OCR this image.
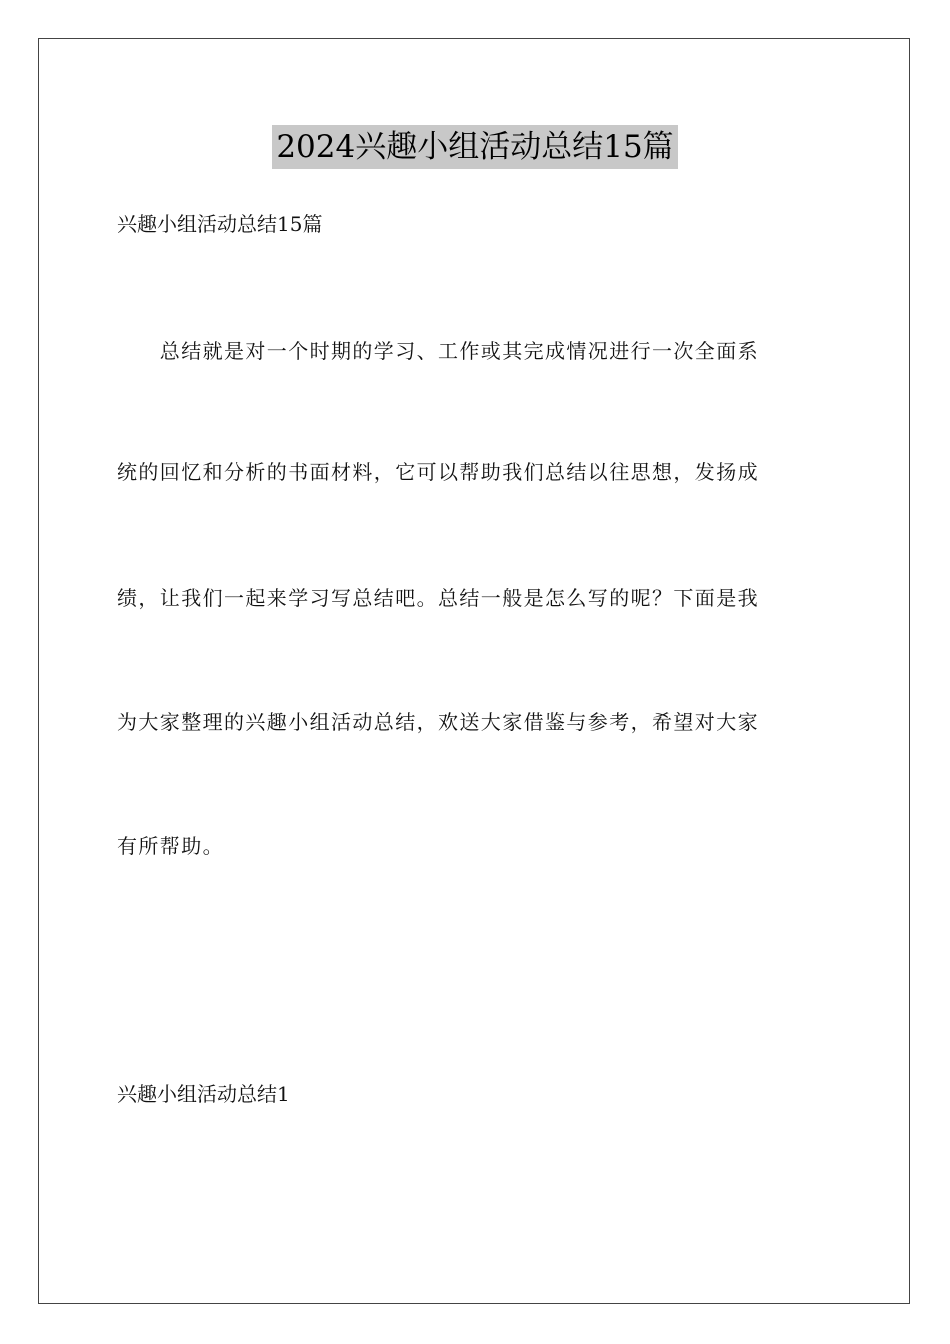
2024兴趣小组活动总结15篇
兴趣小组活动总结15篇
　　总结就是对一个时期的学习、工作或其完成情况进行一次全面系
统的回忆和分析的书面材料，它可以帮助我们总结以往思想，发扬成
绩，让我们一起来学习写总结吧。总结一般是怎么写的呢？下面是我
为大家整理的兴趣小组活动总结，欢送大家借鉴与参考，希望对大家
有所帮助。
兴趣小组活动总结1
